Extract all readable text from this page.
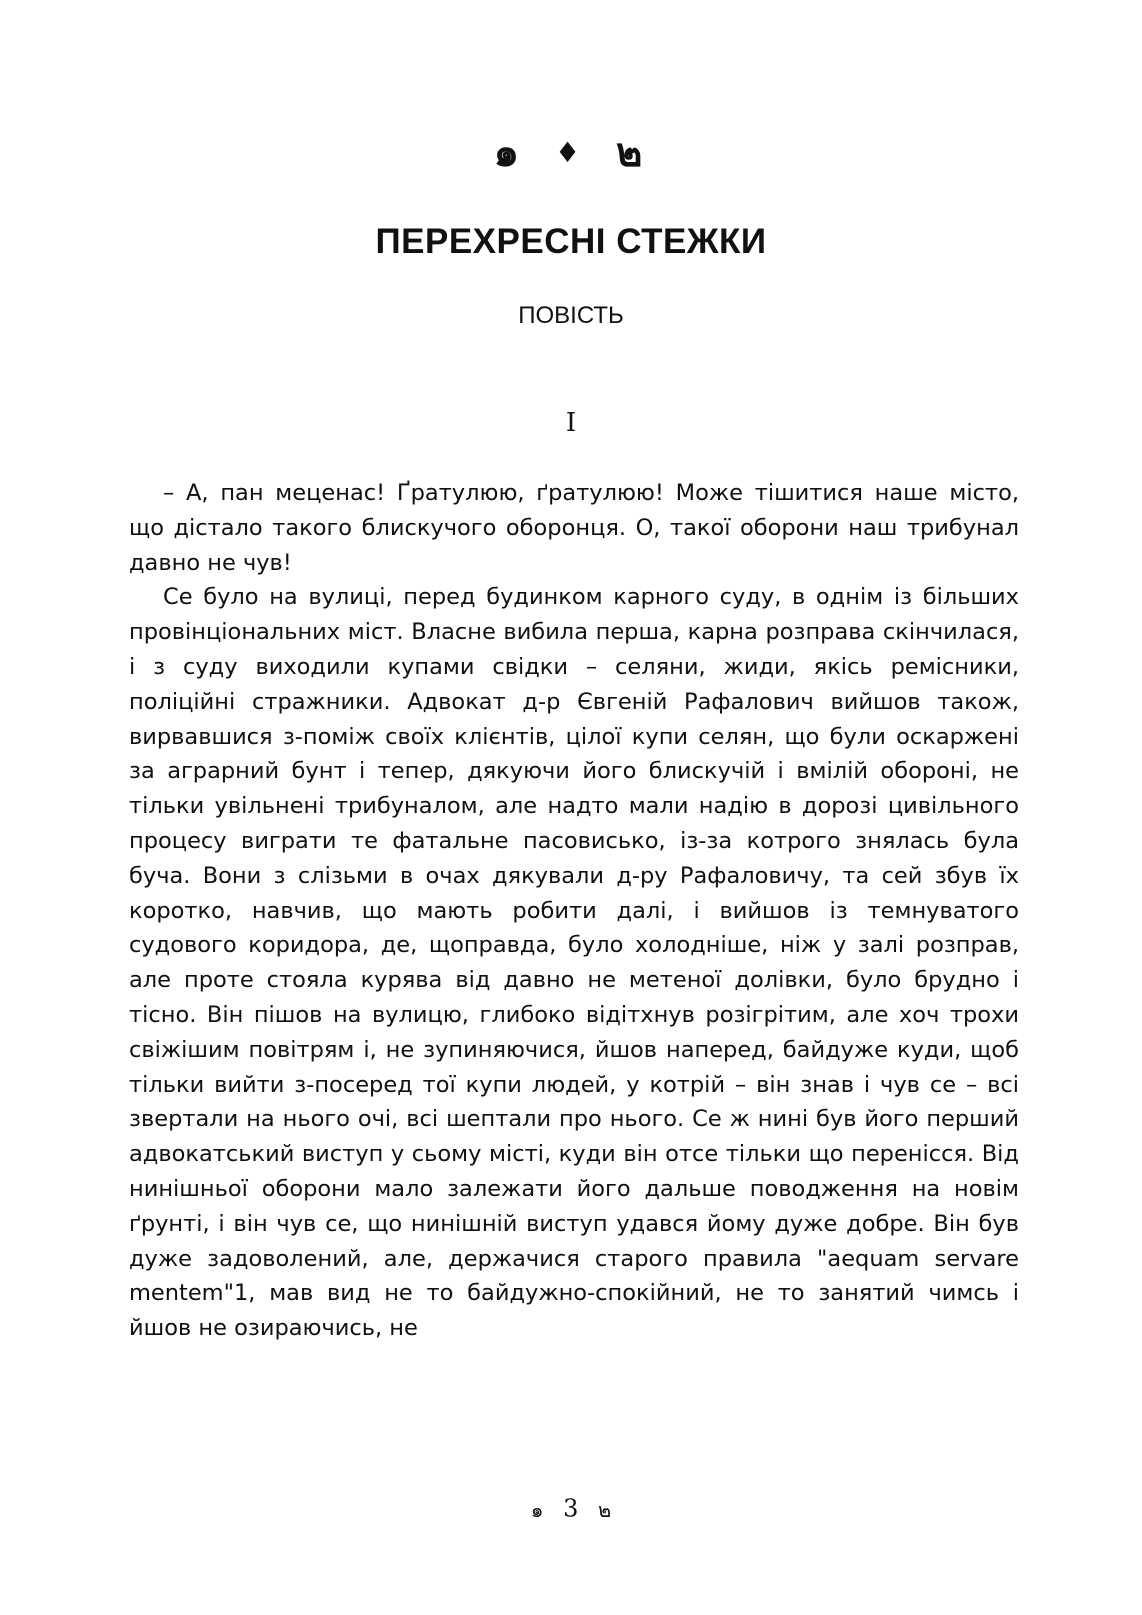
๑ ♦ ๒
ПЕРЕХРЕСНІ СТЕЖКИ
ПОВІСТЬ
I

– А, пан меценас! Ґратулюю, ґратулюю! Може тішитися наше місто, що дістало такого блискучого оборонця. О, такої оборони наш трибунал давно не чув!

Се було на вулиці, перед будинком карного суду, в однім із більших провінціональних міст. Власне вибила перша, карна розправа скінчилася, і з суду виходили купами свідки – селяни, жиди, якісь ремісники, поліційні стражники. Адвокат д-р Євгеній Рафалович вийшов також, вирвавшися з-поміж своїх клієнтів, цілої купи селян, що були оскаржені за аграрний бунт і тепер, дякуючи його блискучій і вмілій обороні, не тільки увільнені трибуналом, але надто мали надію в дорозі цивільного процесу виграти те фатальне пасовисько, із-за котрого знялась була буча. Вони з слізьми в очах дякували д-ру Рафаловичу, та сей збув їх коротко, навчив, що мають робити далі, і вийшов із темнуватого судового коридора, де, щоправда, було холодніше, ніж у залі розправ, але проте стояла курява від давно не метеної долівки, було брудно і тісно. Він пішов на вулицю, глибоко відітхнув розігрітим, але хоч трохи свіжішим повітрям і, не зупиняючися, йшов наперед, байдуже куди, щоб тільки вийти з-посеред тої купи людей, у котрій – він знав і чув се – всі звертали на нього очі, всі шептали про нього. Се ж нині був його перший адвокатський виступ у сьому місті, куди він отсе тільки що перенісся. Від нинішньої оборони мало залежати його дальше поводження на новім ґрунті, і він чув се, що нинішній виступ удався йому дуже добре. Він був дуже задоволений, але, держачися старого правила "aequam servare mentem"1, мав вид не то байдужно-спокійний, не то занятий чимсь і йшов не озираючись, не

๑ 3 ๒
